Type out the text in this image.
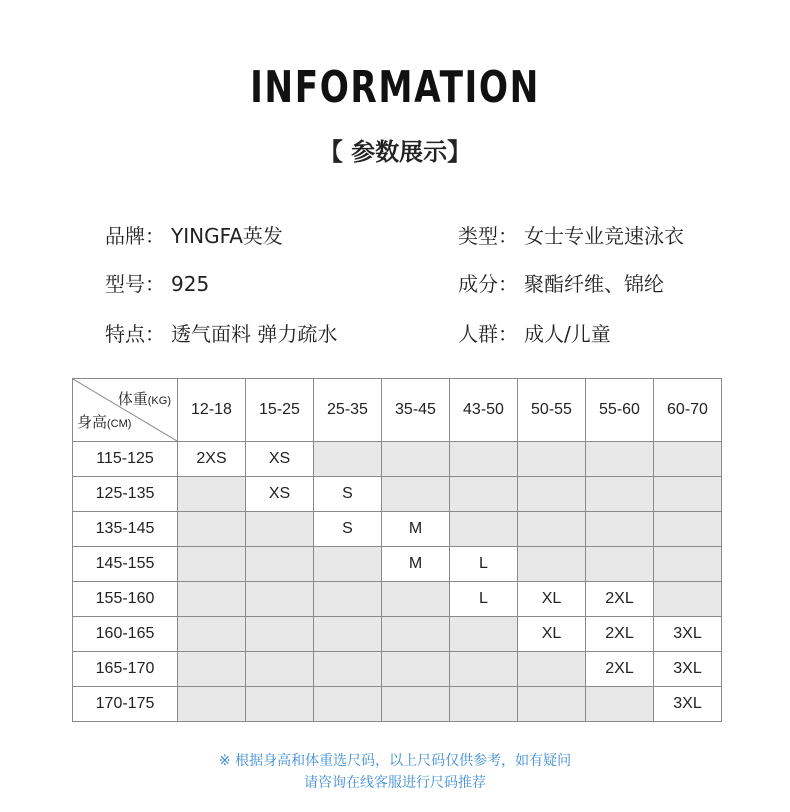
INFORMATION
【 参数展示】
品牌： YINGFA英发	类型： 女士专业竞速泳衣
型号： 925	成分： 聚酯纤维、锦纶
特点： 透气面料 弹力疏水	人群： 成人/儿童
体重(KG)
身高(CM)	12-18	15-25	25-35	35-45	43-50	50-55	55-60	60-70
115-125	2XS	XS						
125-135		XS	S					
135-145			S	M				
145-155				M	L			
155-160					L	XL	2XL	
160-165						XL	2XL	3XL
165-170							2XL	3XL
170-175								3XL
※ 根据身高和体重选尺码，以上尺码仅供参考，如有疑问
请咨询在线客服进行尺码推荐
